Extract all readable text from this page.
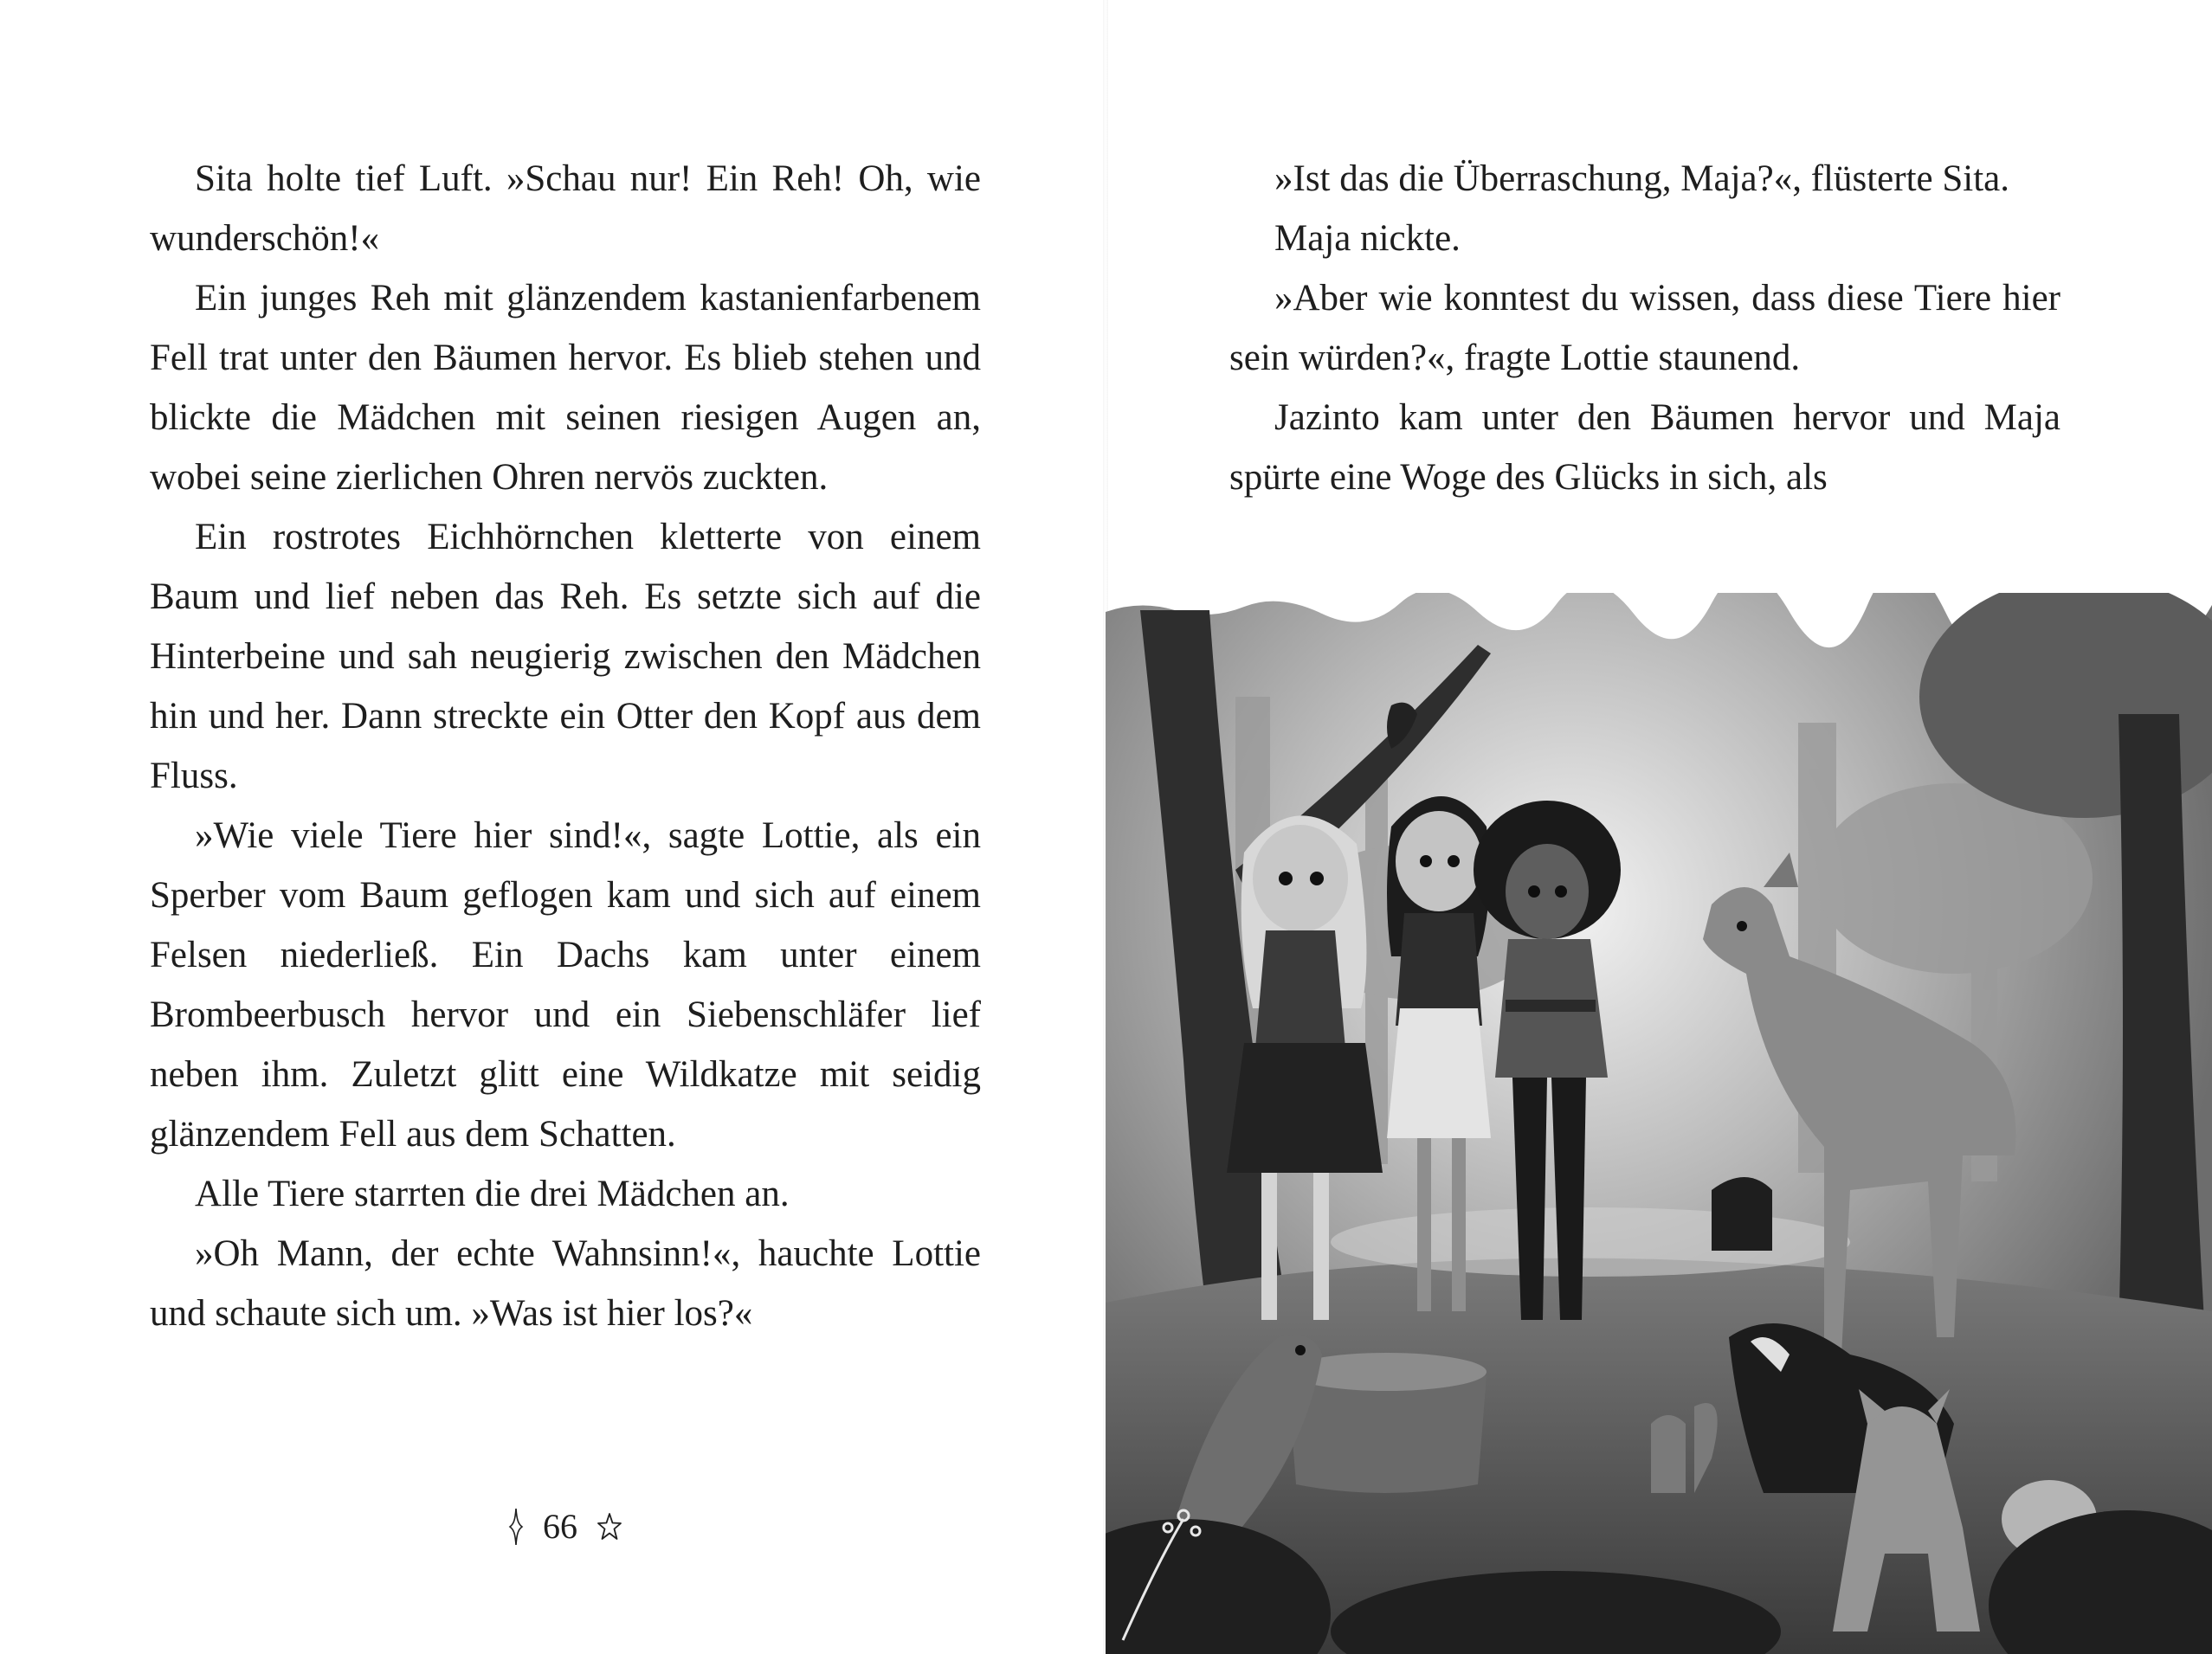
Sita holte tief Luft. »Schau nur! Ein Reh! Oh, wie wunderschön!«

Ein junges Reh mit glänzendem kastanienfarbenem Fell trat unter den Bäumen hervor. Es blieb stehen und blickte die Mädchen mit seinen riesigen Augen an, wobei seine zierlichen Ohren nervös zuckten.

Ein rostrotes Eichhörnchen kletterte von einem Baum und lief neben das Reh. Es setzte sich auf die Hinterbeine und sah neugierig zwischen den Mädchen hin und her. Dann streckte ein Otter den Kopf aus dem Fluss.

»Wie viele Tiere hier sind!«, sagte Lottie, als ein Sperber vom Baum geflogen kam und sich auf einem Felsen niederließ. Ein Dachs kam unter einem Brombeerbusch hervor und ein Siebenschläfer lief neben ihm. Zuletzt glitt eine Wildkatze mit seidig glänzendem Fell aus dem Schatten.

Alle Tiere starrten die drei Mädchen an.

»Oh Mann, der echte Wahnsinn!«, hauchte Lottie und schaute sich um. »Was ist hier los?«

66

»Ist das die Überraschung, Maja?«, flüsterte Sita.

Maja nickte.

»Aber wie konntest du wissen, dass diese Tiere hier sein würden?«, fragte Lottie staunend.

Jazinto kam unter den Bäumen hervor und Maja spürte eine Woge des Glücks in sich, als
